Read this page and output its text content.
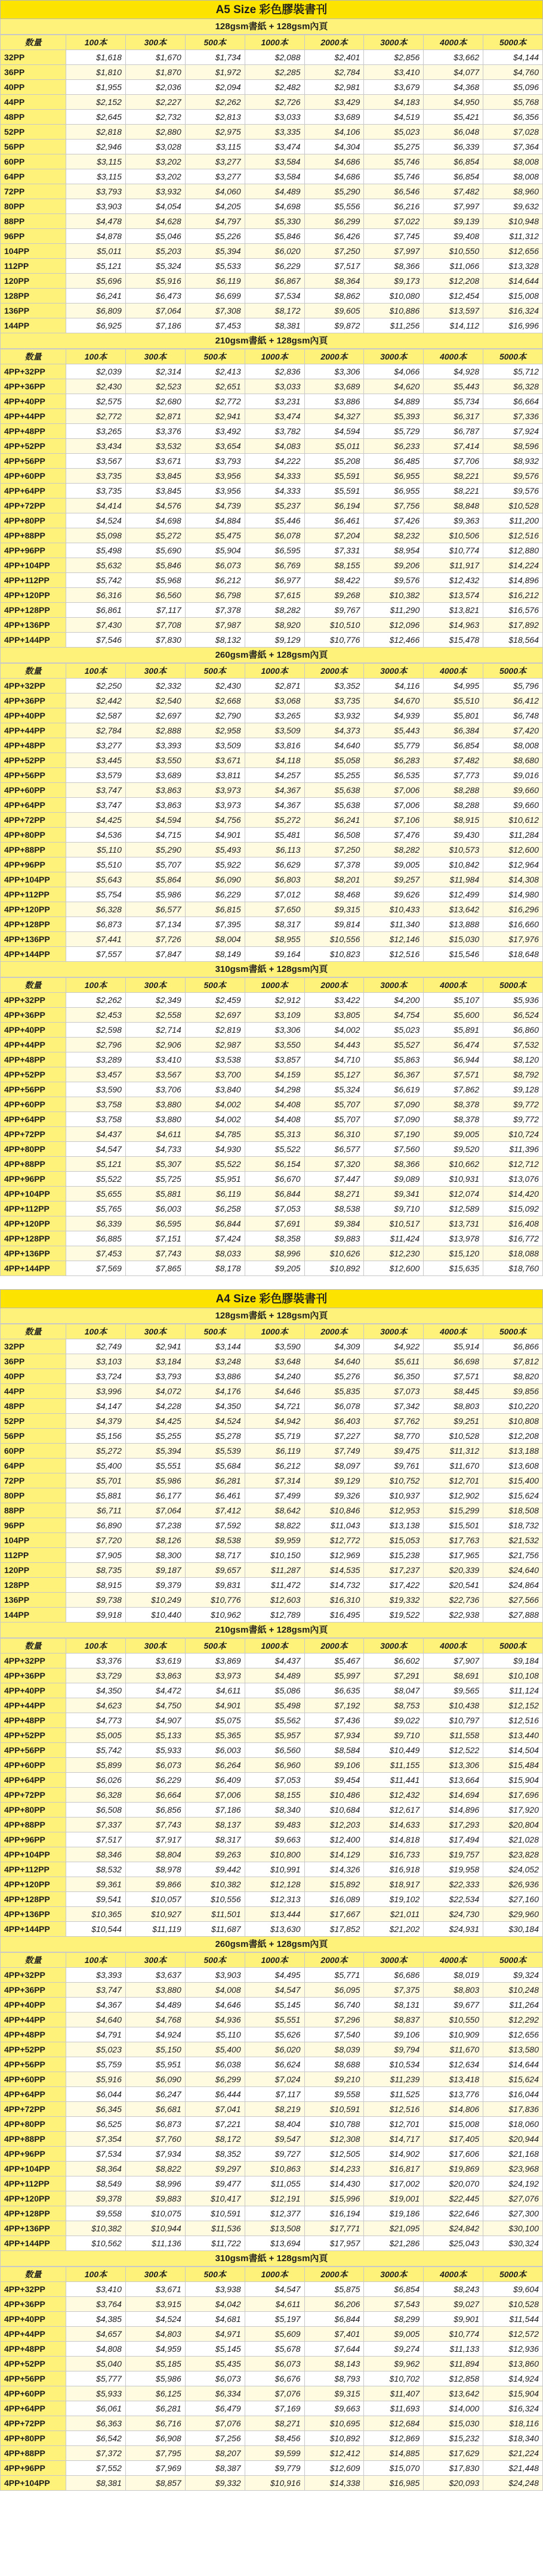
A5 Size 彩色膠裝書刊
128gsm書紙 + 128gsm內頁
数量	100本	300本	500本	1000本	2000本	3000本	4000本	5000本
32PP	$1,618	$1,670	$1,734	$2,088	$2,401	$2,856	$3,662	$4,144
36PP	$1,810	$1,870	$1,972	$2,285	$2,784	$3,410	$4,077	$4,760
40PP	$1,955	$2,036	$2,094	$2,482	$2,981	$3,679	$4,368	$5,096
44PP	$2,152	$2,227	$2,262	$2,726	$3,429	$4,183	$4,950	$5,768
48PP	$2,645	$2,732	$2,813	$3,033	$3,689	$4,519	$5,421	$6,356
52PP	$2,818	$2,880	$2,975	$3,335	$4,106	$5,023	$6,048	$7,028
56PP	$2,946	$3,028	$3,115	$3,474	$4,304	$5,275	$6,339	$7,364
60PP	$3,115	$3,202	$3,277	$3,584	$4,686	$5,746	$6,854	$8,008
64PP	$3,115	$3,202	$3,277	$3,584	$4,686	$5,746	$6,854	$8,008
72PP	$3,793	$3,932	$4,060	$4,489	$5,290	$6,546	$7,482	$8,960
80PP	$3,903	$4,054	$4,205	$4,698	$5,556	$6,216	$7,997	$9,632
88PP	$4,478	$4,628	$4,797	$5,330	$6,299	$7,022	$9,139	$10,948
96PP	$4,878	$5,046	$5,226	$5,846	$6,426	$7,745	$9,408	$11,312
104PP	$5,011	$5,203	$5,394	$6,020	$7,250	$7,997	$10,550	$12,656
112PP	$5,121	$5,324	$5,533	$6,229	$7,517	$8,366	$11,066	$13,328
120PP	$5,696	$5,916	$6,119	$6,867	$8,364	$9,173	$12,208	$14,644
128PP	$6,241	$6,473	$6,699	$7,534	$8,862	$10,080	$12,454	$15,008
136PP	$6,809	$7,064	$7,308	$8,172	$9,605	$10,886	$13,597	$16,324
144PP	$6,925	$7,186	$7,453	$8,381	$9,872	$11,256	$14,112	$16,996
210gsm書紙 + 128gsm內頁
数量	100本	300本	500本	1000本	2000本	3000本	4000本	5000本
4PP+32PP	$2,039	$2,314	$2,413	$2,836	$3,306	$4,066	$4,928	$5,712
4PP+36PP	$2,430	$2,523	$2,651	$3,033	$3,689	$4,620	$5,443	$6,328
4PP+40PP	$2,575	$2,680	$2,772	$3,231	$3,886	$4,889	$5,734	$6,664
4PP+44PP	$2,772	$2,871	$2,941	$3,474	$4,327	$5,393	$6,317	$7,336
4PP+48PP	$3,265	$3,376	$3,492	$3,782	$4,594	$5,729	$6,787	$7,924
4PP+52PP	$3,434	$3,532	$3,654	$4,083	$5,011	$6,233	$7,414	$8,596
4PP+56PP	$3,567	$3,671	$3,793	$4,222	$5,208	$6,485	$7,706	$8,932
4PP+60PP	$3,735	$3,845	$3,956	$4,333	$5,591	$6,955	$8,221	$9,576
4PP+64PP	$3,735	$3,845	$3,956	$4,333	$5,591	$6,955	$8,221	$9,576
4PP+72PP	$4,414	$4,576	$4,739	$5,237	$6,194	$7,756	$8,848	$10,528
4PP+80PP	$4,524	$4,698	$4,884	$5,446	$6,461	$7,426	$9,363	$11,200
4PP+88PP	$5,098	$5,272	$5,475	$6,078	$7,204	$8,232	$10,506	$12,516
4PP+96PP	$5,498	$5,690	$5,904	$6,595	$7,331	$8,954	$10,774	$12,880
4PP+104PP	$5,632	$5,846	$6,073	$6,769	$8,155	$9,206	$11,917	$14,224
4PP+112PP	$5,742	$5,968	$6,212	$6,977	$8,422	$9,576	$12,432	$14,896
4PP+120PP	$6,316	$6,560	$6,798	$7,615	$9,268	$10,382	$13,574	$16,212
4PP+128PP	$6,861	$7,117	$7,378	$8,282	$9,767	$11,290	$13,821	$16,576
4PP+136PP	$7,430	$7,708	$7,987	$8,920	$10,510	$12,096	$14,963	$17,892
4PP+144PP	$7,546	$7,830	$8,132	$9,129	$10,776	$12,466	$15,478	$18,564
260gsm書紙 + 128gsm內頁
数量	100本	300本	500本	1000本	2000本	3000本	4000本	5000本
4PP+32PP	$2,250	$2,332	$2,430	$2,871	$3,352	$4,116	$4,995	$5,796
4PP+36PP	$2,442	$2,540	$2,668	$3,068	$3,735	$4,670	$5,510	$6,412
4PP+40PP	$2,587	$2,697	$2,790	$3,265	$3,932	$4,939	$5,801	$6,748
4PP+44PP	$2,784	$2,888	$2,958	$3,509	$4,373	$5,443	$6,384	$7,420
4PP+48PP	$3,277	$3,393	$3,509	$3,816	$4,640	$5,779	$6,854	$8,008
4PP+52PP	$3,445	$3,550	$3,671	$4,118	$5,058	$6,283	$7,482	$8,680
4PP+56PP	$3,579	$3,689	$3,811	$4,257	$5,255	$6,535	$7,773	$9,016
4PP+60PP	$3,747	$3,863	$3,973	$4,367	$5,638	$7,006	$8,288	$9,660
4PP+64PP	$3,747	$3,863	$3,973	$4,367	$5,638	$7,006	$8,288	$9,660
4PP+72PP	$4,425	$4,594	$4,756	$5,272	$6,241	$7,106	$8,915	$10,612
4PP+80PP	$4,536	$4,715	$4,901	$5,481	$6,508	$7,476	$9,430	$11,284
4PP+88PP	$5,110	$5,290	$5,493	$6,113	$7,250	$8,282	$10,573	$12,600
4PP+96PP	$5,510	$5,707	$5,922	$6,629	$7,378	$9,005	$10,842	$12,964
4PP+104PP	$5,643	$5,864	$6,090	$6,803	$8,201	$9,257	$11,984	$14,308
4PP+112PP	$5,754	$5,986	$6,229	$7,012	$8,468	$9,626	$12,499	$14,980
4PP+120PP	$6,328	$6,577	$6,815	$7,650	$9,315	$10,433	$13,642	$16,296
4PP+128PP	$6,873	$7,134	$7,395	$8,317	$9,814	$11,340	$13,888	$16,660
4PP+136PP	$7,441	$7,726	$8,004	$8,955	$10,556	$12,146	$15,030	$17,976
4PP+144PP	$7,557	$7,847	$8,149	$9,164	$10,823	$12,516	$15,546	$18,648
310gsm書紙 + 128gsm內頁
数量	100本	300本	500本	1000本	2000本	3000本	4000本	5000本
4PP+32PP	$2,262	$2,349	$2,459	$2,912	$3,422	$4,200	$5,107	$5,936
4PP+36PP	$2,453	$2,558	$2,697	$3,109	$3,805	$4,754	$5,600	$6,524
4PP+40PP	$2,598	$2,714	$2,819	$3,306	$4,002	$5,023	$5,891	$6,860
4PP+44PP	$2,796	$2,906	$2,987	$3,550	$4,443	$5,527	$6,474	$7,532
4PP+48PP	$3,289	$3,410	$3,538	$3,857	$4,710	$5,863	$6,944	$8,120
4PP+52PP	$3,457	$3,567	$3,700	$4,159	$5,127	$6,367	$7,571	$8,792
4PP+56PP	$3,590	$3,706	$3,840	$4,298	$5,324	$6,619	$7,862	$9,128
4PP+60PP	$3,758	$3,880	$4,002	$4,408	$5,707	$7,090	$8,378	$9,772
4PP+64PP	$3,758	$3,880	$4,002	$4,408	$5,707	$7,090	$8,378	$9,772
4PP+72PP	$4,437	$4,611	$4,785	$5,313	$6,310	$7,190	$9,005	$10,724
4PP+80PP	$4,547	$4,733	$4,930	$5,522	$6,577	$7,560	$9,520	$11,396
4PP+88PP	$5,121	$5,307	$5,522	$6,154	$7,320	$8,366	$10,662	$12,712
4PP+96PP	$5,522	$5,725	$5,951	$6,670	$7,447	$9,089	$10,931	$13,076
4PP+104PP	$5,655	$5,881	$6,119	$6,844	$8,271	$9,341	$12,074	$14,420
4PP+112PP	$5,765	$6,003	$6,258	$7,053	$8,538	$9,710	$12,589	$15,092
4PP+120PP	$6,339	$6,595	$6,844	$7,691	$9,384	$10,517	$13,731	$16,408
4PP+128PP	$6,885	$7,151	$7,424	$8,358	$9,883	$11,424	$13,978	$16,772
4PP+136PP	$7,453	$7,743	$8,033	$8,996	$10,626	$12,230	$15,120	$18,088
4PP+144PP	$7,569	$7,865	$8,178	$9,205	$10,892	$12,600	$15,635	$18,760
A4 Size 彩色膠裝書刊
128gsm書紙 + 128gsm內頁
数量	100本	300本	500本	1000本	2000本	3000本	4000本	5000本
32PP	$2,749	$2,941	$3,144	$3,590	$4,309	$4,922	$5,914	$6,866
36PP	$3,103	$3,184	$3,248	$3,648	$4,640	$5,611	$6,698	$7,812
40PP	$3,724	$3,793	$3,886	$4,240	$5,276	$6,350	$7,571	$8,820
44PP	$3,996	$4,072	$4,176	$4,646	$5,835	$7,073	$8,445	$9,856
48PP	$4,147	$4,228	$4,350	$4,721	$6,078	$7,342	$8,803	$10,220
52PP	$4,379	$4,425	$4,524	$4,942	$6,403	$7,762	$9,251	$10,808
56PP	$5,156	$5,255	$5,278	$5,719	$7,227	$8,770	$10,528	$12,208
60PP	$5,272	$5,394	$5,539	$6,119	$7,749	$9,475	$11,312	$13,188
64PP	$5,400	$5,551	$5,684	$6,212	$8,097	$9,761	$11,670	$13,608
72PP	$5,701	$5,986	$6,281	$7,314	$9,129	$10,752	$12,701	$15,400
80PP	$5,881	$6,177	$6,461	$7,499	$9,326	$10,937	$12,902	$15,624
88PP	$6,711	$7,064	$7,412	$8,642	$10,846	$12,953	$15,299	$18,508
96PP	$6,890	$7,238	$7,592	$8,822	$11,043	$13,138	$15,501	$18,732
104PP	$7,720	$8,126	$8,538	$9,959	$12,772	$15,053	$17,763	$21,532
112PP	$7,905	$8,300	$8,717	$10,150	$12,969	$15,238	$17,965	$21,756
120PP	$8,735	$9,187	$9,657	$11,287	$14,535	$17,237	$20,339	$24,640
128PP	$8,915	$9,379	$9,831	$11,472	$14,732	$17,422	$20,541	$24,864
136PP	$9,738	$10,249	$10,776	$12,603	$16,310	$19,332	$22,736	$27,566
144PP	$9,918	$10,440	$10,962	$12,789	$16,495	$19,522	$22,938	$27,888
210gsm書紙 + 128gsm內頁
数量	100本	300本	500本	1000本	2000本	3000本	4000本	5000本
4PP+32PP	$3,376	$3,619	$3,869	$4,437	$5,467	$6,602	$7,907	$9,184
4PP+36PP	$3,729	$3,863	$3,973	$4,489	$5,997	$7,291	$8,691	$10,108
4PP+40PP	$4,350	$4,472	$4,611	$5,086	$6,635	$8,047	$9,565	$11,124
4PP+44PP	$4,623	$4,750	$4,901	$5,498	$7,192	$8,753	$10,438	$12,152
4PP+48PP	$4,773	$4,907	$5,075	$5,562	$7,436	$9,022	$10,797	$12,516
4PP+52PP	$5,005	$5,133	$5,365	$5,957	$7,934	$9,710	$11,558	$13,440
4PP+56PP	$5,742	$5,933	$6,003	$6,560	$8,584	$10,449	$12,522	$14,504
4PP+60PP	$5,899	$6,073	$6,264	$6,960	$9,106	$11,155	$13,306	$15,484
4PP+64PP	$6,026	$6,229	$6,409	$7,053	$9,454	$11,441	$13,664	$15,904
4PP+72PP	$6,328	$6,664	$7,006	$8,155	$10,486	$12,432	$14,694	$17,696
4PP+80PP	$6,508	$6,856	$7,186	$8,340	$10,684	$12,617	$14,896	$17,920
4PP+88PP	$7,337	$7,743	$8,137	$9,483	$12,203	$14,633	$17,293	$20,804
4PP+96PP	$7,517	$7,917	$8,317	$9,663	$12,400	$14,818	$17,494	$21,028
4PP+104PP	$8,346	$8,804	$9,263	$10,800	$14,129	$16,733	$19,757	$23,828
4PP+112PP	$8,532	$8,978	$9,442	$10,991	$14,326	$16,918	$19,958	$24,052
4PP+120PP	$9,361	$9,866	$10,382	$12,128	$15,892	$18,917	$22,333	$26,936
4PP+128PP	$9,541	$10,057	$10,556	$12,313	$16,089	$19,102	$22,534	$27,160
4PP+136PP	$10,365	$10,927	$11,501	$13,444	$17,667	$21,011	$24,730	$29,960
4PP+144PP	$10,544	$11,119	$11,687	$13,630	$17,852	$21,202	$24,931	$30,184
260gsm書紙 + 128gsm內頁
数量	100本	300本	500本	1000本	2000本	3000本	4000本	5000本
4PP+32PP	$3,393	$3,637	$3,903	$4,495	$5,771	$6,686	$8,019	$9,324
4PP+36PP	$3,747	$3,880	$4,008	$4,547	$6,095	$7,375	$8,803	$10,248
4PP+40PP	$4,367	$4,489	$4,646	$5,145	$6,740	$8,131	$9,677	$11,264
4PP+44PP	$4,640	$4,768	$4,936	$5,551	$7,296	$8,837	$10,550	$12,292
4PP+48PP	$4,791	$4,924	$5,110	$5,626	$7,540	$9,106	$10,909	$12,656
4PP+52PP	$5,023	$5,150	$5,400	$6,020	$8,039	$9,794	$11,670	$13,580
4PP+56PP	$5,759	$5,951	$6,038	$6,624	$8,688	$10,534	$12,634	$14,644
4PP+60PP	$5,916	$6,090	$6,299	$7,024	$9,210	$11,239	$13,418	$15,624
4PP+64PP	$6,044	$6,247	$6,444	$7,117	$9,558	$11,525	$13,776	$16,044
4PP+72PP	$6,345	$6,681	$7,041	$8,219	$10,591	$12,516	$14,806	$17,836
4PP+80PP	$6,525	$6,873	$7,221	$8,404	$10,788	$12,701	$15,008	$18,060
4PP+88PP	$7,354	$7,760	$8,172	$9,547	$12,308	$14,717	$17,405	$20,944
4PP+96PP	$7,534	$7,934	$8,352	$9,727	$12,505	$14,902	$17,606	$21,168
4PP+104PP	$8,364	$8,822	$9,297	$10,863	$14,233	$16,817	$19,869	$23,968
4PP+112PP	$8,549	$8,996	$9,477	$11,055	$14,430	$17,002	$20,070	$24,192
4PP+120PP	$9,378	$9,883	$10,417	$12,191	$15,996	$19,001	$22,445	$27,076
4PP+128PP	$9,558	$10,075	$10,591	$12,377	$16,194	$19,186	$22,646	$27,300
4PP+136PP	$10,382	$10,944	$11,536	$13,508	$17,771	$21,095	$24,842	$30,100
4PP+144PP	$10,562	$11,136	$11,722	$13,694	$17,957	$21,286	$25,043	$30,324
310gsm書紙 + 128gsm內頁
数量	100本	300本	500本	1000本	2000本	3000本	4000本	5000本
4PP+32PP	$3,410	$3,671	$3,938	$4,547	$5,875	$6,854	$8,243	$9,604
4PP+36PP	$3,764	$3,915	$4,042	$4,611	$6,206	$7,543	$9,027	$10,528
4PP+40PP	$4,385	$4,524	$4,681	$5,197	$6,844	$8,299	$9,901	$11,544
4PP+44PP	$4,657	$4,803	$4,971	$5,609	$7,401	$9,005	$10,774	$12,572
4PP+48PP	$4,808	$4,959	$5,145	$5,678	$7,644	$9,274	$11,133	$12,936
4PP+52PP	$5,040	$5,185	$5,435	$6,073	$8,143	$9,962	$11,894	$13,860
4PP+56PP	$5,777	$5,986	$6,073	$6,676	$8,793	$10,702	$12,858	$14,924
4PP+60PP	$5,933	$6,125	$6,334	$7,076	$9,315	$11,407	$13,642	$15,904
4PP+64PP	$6,061	$6,281	$6,479	$7,169	$9,663	$11,693	$14,000	$16,324
4PP+72PP	$6,363	$6,716	$7,076	$8,271	$10,695	$12,684	$15,030	$18,116
4PP+80PP	$6,542	$6,908	$7,256	$8,456	$10,892	$12,869	$15,232	$18,340
4PP+88PP	$7,372	$7,795	$8,207	$9,599	$12,412	$14,885	$17,629	$21,224
4PP+96PP	$7,552	$7,969	$8,387	$9,779	$12,609	$15,070	$17,830	$21,448
4PP+104PP	$8,381	$8,857	$9,332	$10,916	$14,338	$16,985	$20,093	$24,248
